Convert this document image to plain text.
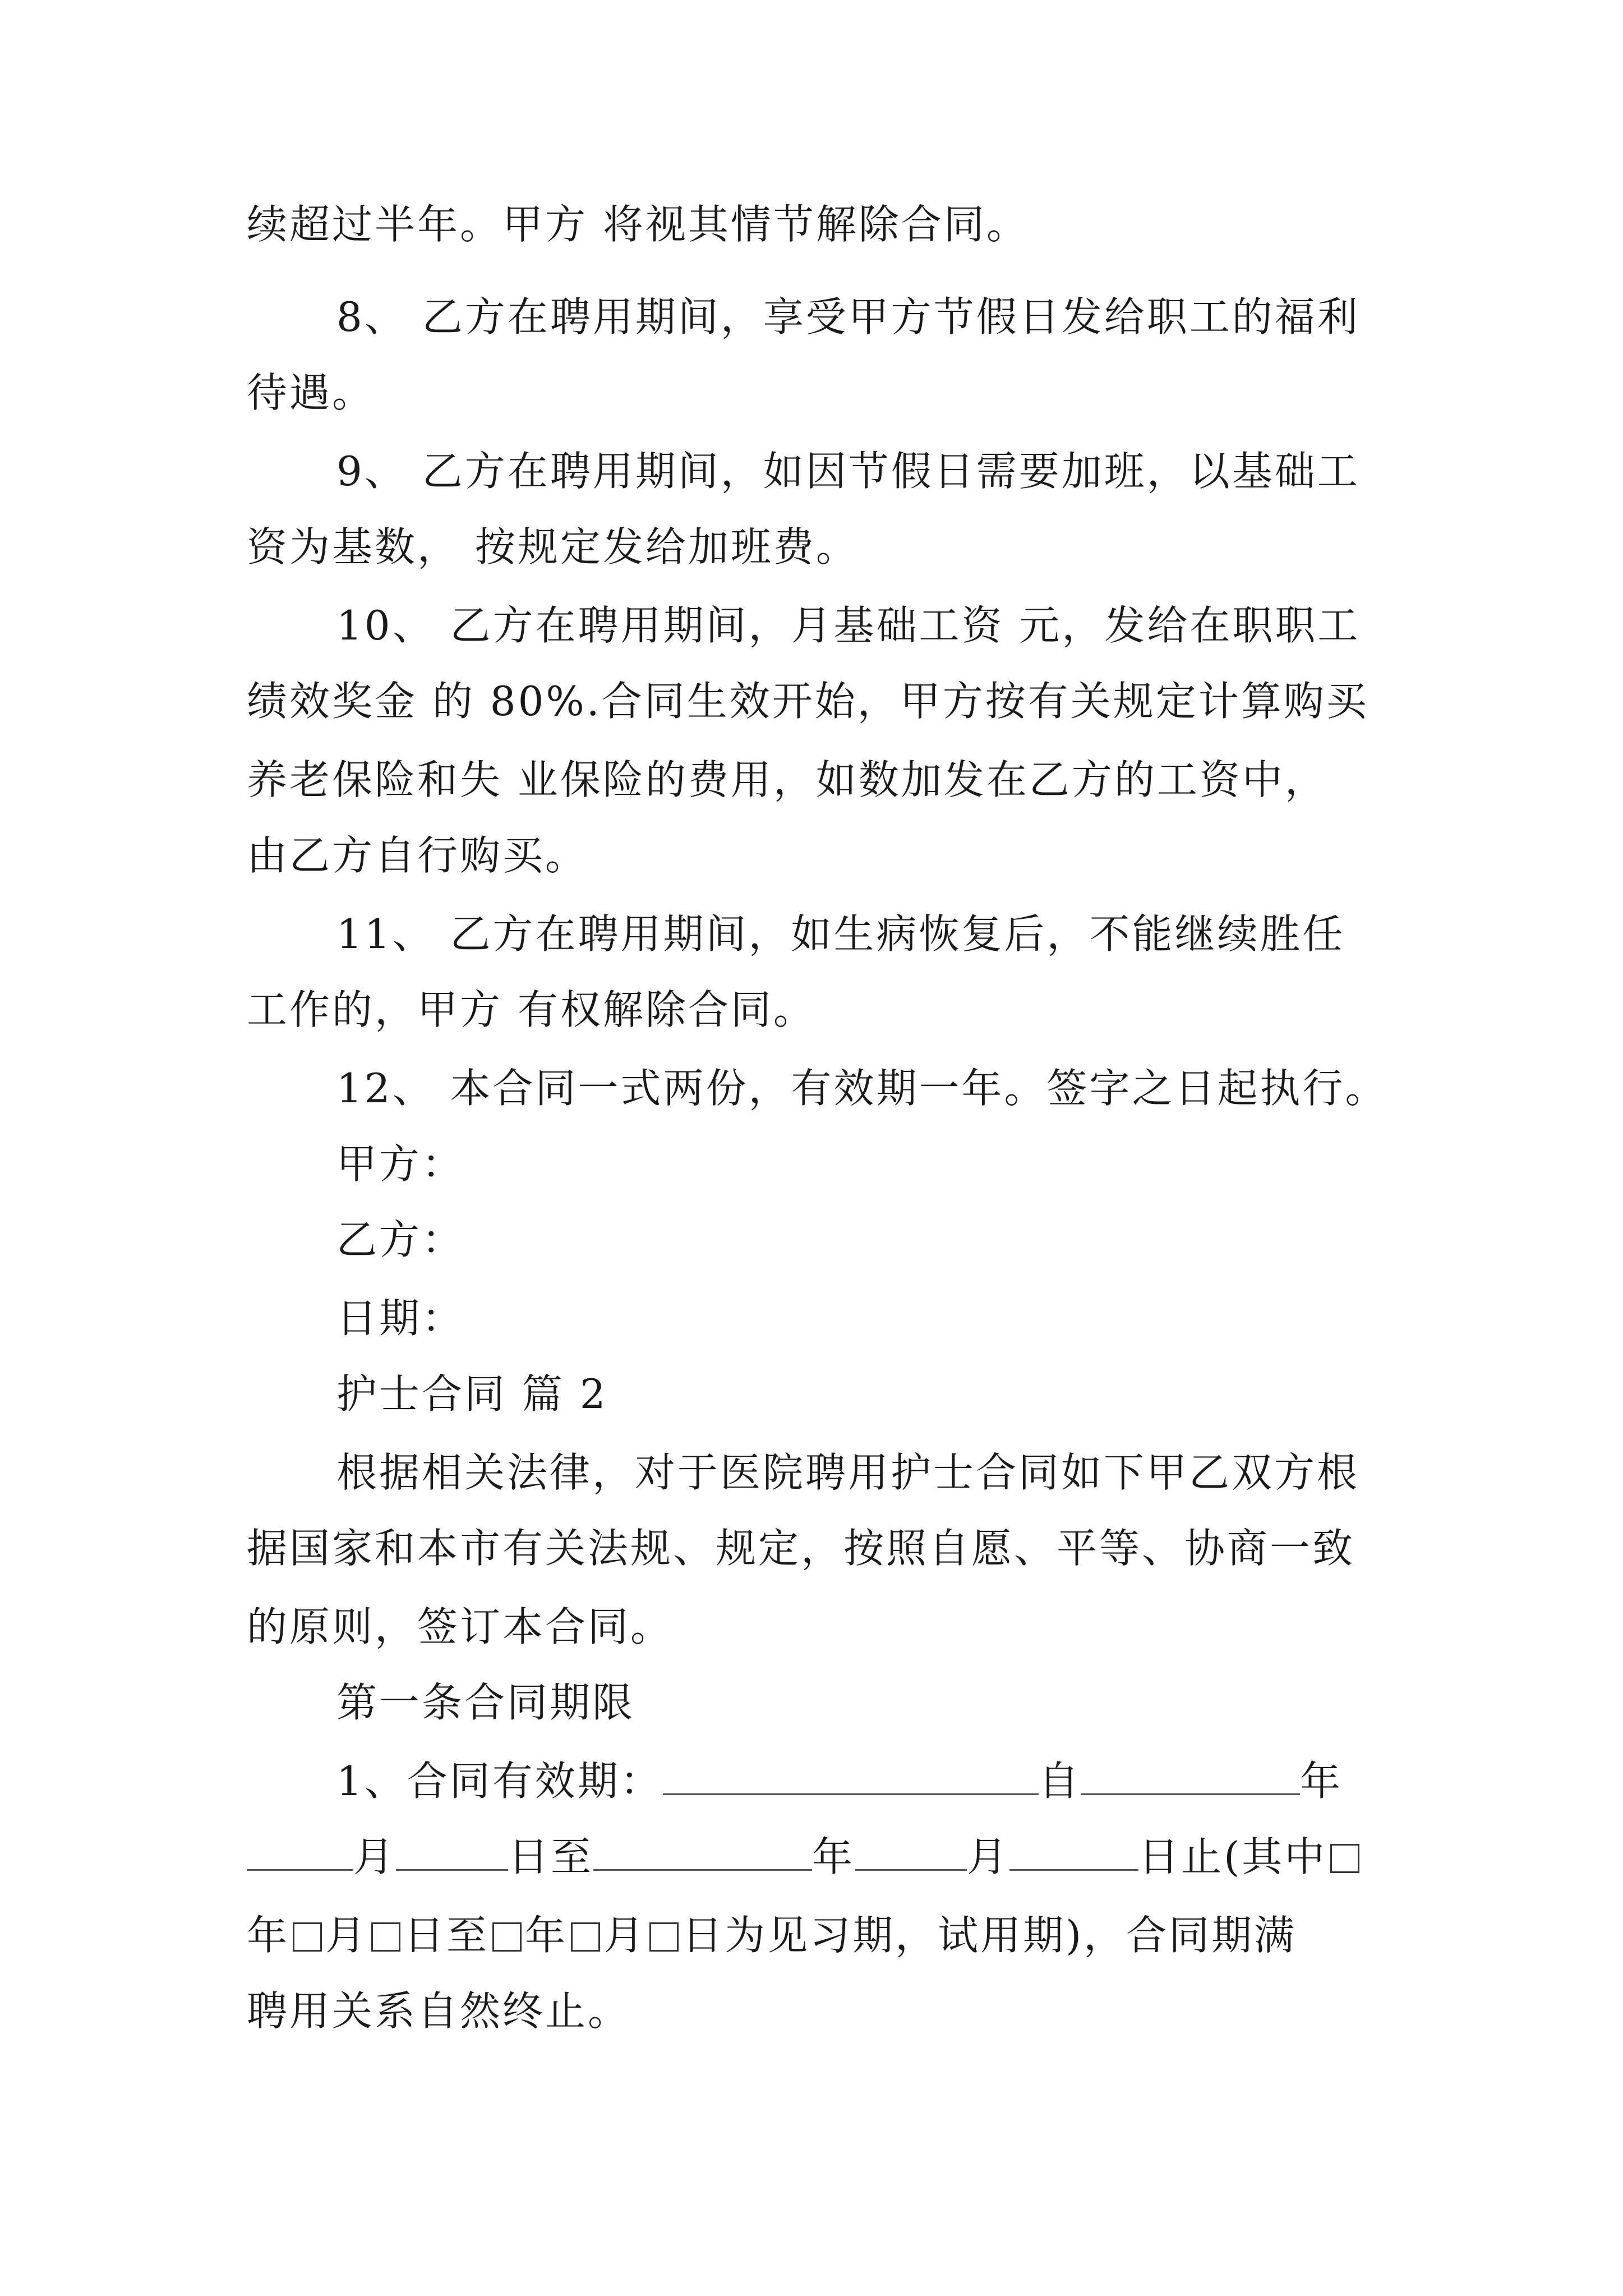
续超过半年。甲方 将视其情节解除合同。
8、 乙方在聘用期间，享受甲方节假日发给职工的福利
待遇。
9、 乙方在聘用期间，如因节假日需要加班，以基础工
资为基数， 按规定发给加班费。
10、 乙方在聘用期间，月基础工资 元，发给在职职工
绩效奖金 的 80%.合同生效开始，甲方按有关规定计算购买
养老保险和失 业保险的费用，如数加发在乙方的工资中，
由乙方自行购买。
11、 乙方在聘用期间，如生病恢复后，不能继续胜任
工作的，甲方 有权解除合同。
12、 本合同一式两份，有效期一年。签字之日起执行。
甲方：
乙方：
日期：
护士合同 篇 2
根据相关法律，对于医院聘用护士合同如下甲乙双方根
据国家和本市有关法规、规定，按照自愿、平等、协商一致
的原则，签订本合同。
第一条合同期限
1、合同有效期：	自	年
月	日至	年	月	日止(其中
年 月 日至 年 月 日为见习期，试用期)，合同期满
聘用关系自然终止。
